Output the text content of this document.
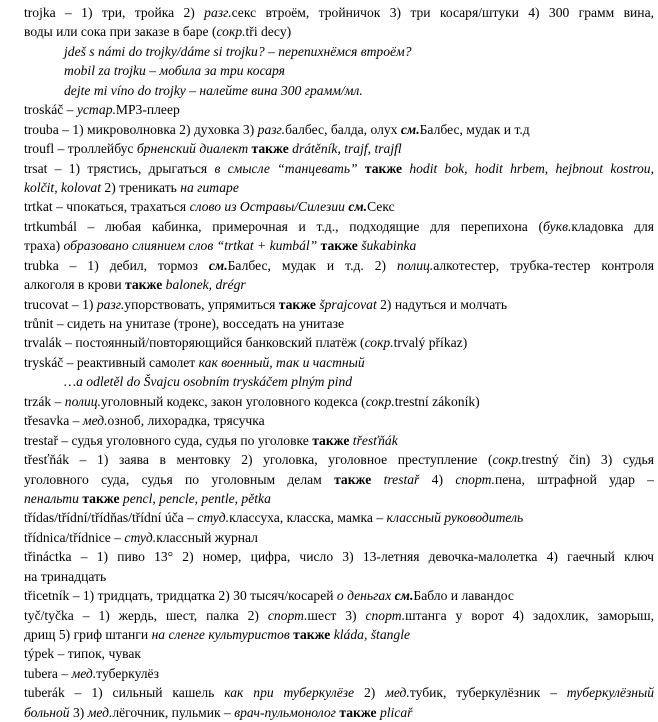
trojka – 1) три, тройка 2) разг.секс втроём, тройничок 3) три косаря/штуки 4) 300 грамм вина,
воды или сока при заказе в баре (сокр.tři decy)
jdeš s námi do trojky/dáme si trojku? – перепихнёмся втроём?
mobil za trojku – мобила за три косаря
dejte mi víno do trojky – налейте вина 300 грамм/мл.
troskáč – устар.MP3-плеер
trouba – 1) микроволновка 2) духовка 3) разг.балбес, балда, олух см.Балбес, мудак и т.д
troufl – троллейбус брненский диалект также drátěník, trajf, trajfl
trsat – 1) трястись, дрыгаться в смысле “танцевать” также hodit bok, hodit hrbem, hejbnout kostrou,
kolčit, kolovat 2) треникать на гитаре
trtkat – чпокаться, трахаться слово из Остравы/Силезии см.Секс
trtkumbál – любая кабинка, примерочная и т.д., подходящие для перепихона (букв.кладовка для
траха) образовано слиянием слов “trtkat + kumbál” также šukabinka
trubka – 1) дебил, тормоз см.Балбес, мудак и т.д. 2) полиц.алкотестер, трубка-тестер контроля
алкоголя в крови также balonek, drégr
trucovat – 1) разг.упорствовать, упрямиться также šprajcovat 2) надуться и молчать
trůnit – сидеть на унитазе (троне), восседать на унитазе
trvalák – постоянный/повторяющийся банковский платёж (сокр.trvalý příkaz)
tryskáč – реактивный самолет как военный, так и частный
…a odletěl do Švajcu osobním tryskáčem plným pind
trzák – полиц.уголовный кодекс, закон уголовного кодекса (сокр.trestní zákoník)
třesavka – мед.озноб, лихорадка, трясучка
trestař – судья уголовного суда, судья по уголовке также třesťňák
třesťňák – 1) заява в ментовку 2) уголовка, уголовное преступление (сокр.trestný čin) 3) судья
уголовного суда, судья по уголовным делам также trestař 4) спорт.пена, штрафной удар –
пенальти также pencl, pencle, pentle, pětka
třídas/třídní/třídňas/třídní úča – студ.классуха, класска, мамка – классный руководитель
třídnica/třídnice – студ.классный журнал
třináctka – 1) пиво 13° 2) номер, цифра, число 3) 13-летняя девочка-малолетка 4) гаечный ключ
на тринадцать
třicetník – 1) тридцать, тридцатка 2) 30 тысяч/косарей о деньгах см.Бабло и лавандос
tyč/tyčka – 1) жердь, шест, палка 2) спорт.шест 3) спорт.штанга у ворот 4) задохлик, заморыш,
дрищ 5) гриф штанги на сленге культуристов также kláda, štangle
týpek – типок, чувак
tubera – мед.туберкулёз
tuberák – 1) сильный кашель как при туберкулёзе 2) мед.тубик, туберкулёзник – туберкулёзный
больной 3) мед.лёгочник, пульмик – врач-пульмонолог также plicař
